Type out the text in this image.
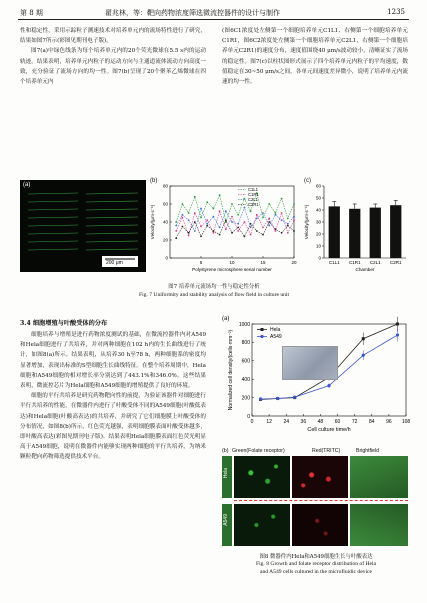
第 8 期	翟兆林，等：靶向药物浓度筛选微流控器件的设计与制作	1235

性和稳定性，采用示踪粒子测速技术对培养单元内的流场特性进行了研究，结果如图7所示(彩图见期刊电子版)。

图7(a)中绿色线条为每个培养单元内的20个荧光微球在5.5 s内的运动轨迹。结果表明，培养单元内粒子的运动方向与主通道流体流动方向高度一致，充分验证了流场方向的均一性。图7(b)呈现了20个聚苯乙烯微球在四个培养单元内

(图6C1浓度处左侧第一个细胞培养单元C1L1、右侧第一个细胞培养单元C1R1，图6C2浓度处左侧第一个细胞培养单元C2L1，右侧第一个细胞培养单元C2R1)的速度分布，速度值围绕40 μm/s波动较小，清晰证实了流场的稳定性。图7(c)以柱状图形式展示了四个培养单元内粒子的平均速度，数值稳定在30~50 μm/s之间，各单元间速度差异微小，说明了培养单元内流速的均一性。

(a)
200 μm
(b)
0
20
40
60
80
5	10	15	20
Polystyrene microsphere serial number
Velocity/(μm·s⁻¹)
C1L1
C1R1
C2L1
C2R1
(c)
0
10
20
30
40
50
60
C1L1 C1R1 C2L1 C2R1
Chamber
Velocity/(μm·s⁻¹)
图7 培养单元流场均一性与稳定性分析
Fig. 7 Uniformity and stability analysis of flow field in culture unit
3.4 细胞增殖与叶酸受体的分布

细胞培养与增殖是进行药物浓度测试的基础，在微流控器件内对A549和Hela细胞进行了共培养，并对两种细胞在102 h内的生长曲线进行了统计，如图8(a)所示。结果表明，从培养30 h至78 h，两种细胞系的密度均显著增加，表现出标准的S型细胞生长曲线特征。在整个培养周期中，Hela细胞和A549细胞的相对增长率分别达到了443.1%和346.0%。这些结果表明，微流控芯片为Hela细胞和A549细胞的增殖提供了良好的环境。

细胞的平行共培养是研究药物靶向性的前提，为验证该器件对细胞进行平行共培养的性能，在微器件内进行了叶酸受体不同的A549细胞(叶酸低表达)和Hela细胞(叶酸高表达)的共培养，并研究了它们细胞膜上叶酸受体的分布情况，如图8(b)所示，红色荧光越强，表明细胞膜表面叶酸受体越多，即叶酸高表达(彩图见期刊电子版)。结果表明Hela细胞膜表面红色荧光明显高于A549细胞，说明在微器件内能够实现两种细胞的平行共培养，为纳米颗粒靶向药物筛选提供技术平台。

(a)
0
200
400
600
800
1000
0	12 24 36 48 60 72 84 96 108
Cell culture time/h
Normalized cell density/(cells·mm⁻²)	Hela
A549
(b) Green(Folate receptor)	Red(TRITC)	Brightfield
Hela
A549
图8 微器件内Hela和A549细胞生长与叶酸表达
Fig. 8 Growth and folate receptor distribution of Hela
and A549 cells cultured in the microfluidic device
